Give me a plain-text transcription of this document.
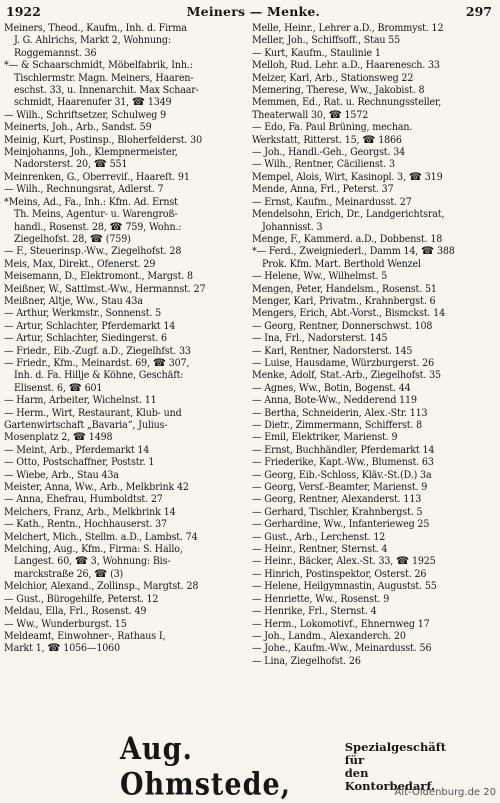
1922	Meiners — Menke.	297
Meiners, Theod., Kaufm., Inh. d. Firma
J. G. Ahlrichs, Markt 2, Wohnung:
Roggemannst. 36
*— & Schaarschmidt, Möbelfabrik, Inh.:
Tischlermstr. Magn. Meiners, Haaren-
eschst. 33, u. Innenarchit. Max Schaar-
schmidt, Haarenufer 31, ☎ 1349
— Wilh., Schriftsetzer, Schulweg 9
Meinerts, Joh., Arb., Sandst. 59
Meinig, Kurt, Postinsp., Bloherfelderst. 30
Meinjohanns, Joh., Klempnermeister,
Nadorsterst. 20, ☎ 551
Meinrenken, G., Oberreviſ., Haareſt. 91
— Wilh., Rechnungsrat, Adlerst. 7
*Meins, Ad., Fa., Inh.: Kfm. Ad. Ernst
Th. Meins, Agentur- u. Warengroß-
handl., Rosenst. 28, ☎ 759, Wohn.:
Ziegelhofst. 28, ☎ (759)
— F., Steuerinsp.-Ww., Ziegelhofst. 28
Meis, Max, Direkt., Ofenerst. 29
Meisemann, D., Elektromont., Margst. 8
Meißner, W., Sattlmst.-Ww., Hermannst. 27
Meißner, Altje, Ww., Stau 43a
— Arthur, Werkmstr., Sonnenst. 5
— Artur, Schlachter, Pferdemarkt 14
— Artur, Schlachter, Siedingerst. 6
— Friedr., Eib.-Zugf. a.D., Ziegelhfst. 33
— Friedr., Kfm., Meinardst. 69, ☎ 307,
Inh. d. Fa. Hillje & Köhne, Geschäft:
Elisenst. 6, ☎ 601
— Harm, Arbeiter, Wichelnst. 11
— Herm., Wirt, Restaurant, Klub- und
Gartenwirtschaft „Bavaria“, Julius-
Mosenplatz 2, ☎ 1498
— Meint, Arb., Pferdemarkt 14
— Otto, Postschaffner, Poststr. 1
— Wiebe, Arb., Stau 43a
Meister, Anna, Ww., Arb., Melkbrink 42
— Anna, Ehefrau, Humboldtst. 27
Melchers, Franz, Arb., Melkbrink 14
— Kath., Rentn., Hochhauserst. 37
Melchert, Mich., Stellm. a.D., Lambst. 74
Melching, Aug., Kfm., Firma: S. Hallo,
Langest. 60, ☎ 3, Wohnung: Bis-
marckstraße 26, ☎ (3)
Melchior, Alexand., Zollinsp., Margtst. 28
— Gust., Bürogehilfe, Peterst. 12
Meldau, Ella, Frl., Rosenst. 49
— Ww., Wunderburgst. 15
Meldeamt, Einwohner-, Rathaus I,
Markt 1, ☎ 1056—1060
Melle, Heinr., Lehrer a.D., Brommyst. 12
Meller, Joh., Schiffsoff., Stau 55
— Kurt, Kaufm., Staulinie 1
Melloh, Rud. Lehr. a.D., Haarenesch. 33
Melzer, Karl, Arb., Stationsweg 22
Memering, Therese, Ww., Jakobist. 8
Memmen, Ed., Rat. u. Rechnungssteller,
Theaterwall 30, ☎ 1572
— Edo, Fa. Paul Brüning, mechan.
Werkstatt, Ritterst. 15, ☎ 1866
— Joh., Handl.-Geh., Georgst. 34
— Wilh., Rentner, Cäcilienst. 3
Mempel, Alois, Wirt, Kasinopl. 3, ☎ 319
Mende, Anna, Frl., Peterst. 37
— Ernst, Kaufm., Meinardusst. 27
Mendelsohn, Erich, Dr., Landgerichtsrat,
Johannisst. 3
Menge, F., Kammerd. a.D., Dobbenst. 18
*— Ferd., Zweigniederl., Damm 14, ☎ 388
Prok. Kfm. Mart. Berthold Wenzel
— Helene, Ww., Wilhelmst. 5
Mengen, Peter, Handelsm., Rosenst. 51
Menger, Karl, Privatm., Krahnbergst. 6
Mengers, Erich, Abt.-Vorst., Bismckst. 14
— Georg, Rentner, Donnerschwst. 108
— Ina, Frl., Nadorsterst. 145
— Karl, Rentner, Nadorsterst. 145
— Luise, Hausdame, Würzburgerst. 26
Menke, Adolf, Stat.-Arb., Ziegelhofst. 35
— Agnes, Ww., Botin, Bogenst. 44
— Anna, Bote-Ww., Nedderend 119
— Bertha, Schneiderin, Alex.-Str. 113
— Dietr., Zimmermann, Schifferst. 8
— Emil, Elektriker, Marienst. 9
— Ernst, Buchhändler, Pferdemarkt 14
— Friederike, Kapt.-Ww., Blumenst. 63
— Georg, Eib.-Schloss, Kläv.-St.(D.) 3a
— Georg, Versf.-Beamter, Marienst. 9
— Georg, Rentner, Alexanderst. 113
— Gerhard, Tischler, Krahnbergst. 5
— Gerhardine, Ww., Infanterieweg 25
— Gust., Arb., Lerchenst. 12
— Heinr., Rentner, Sternst. 4
— Heinr., Bäcker, Alex.-St. 33, ☎ 1925
— Hinrich, Postinspektor, Osterst. 26
— Helene, Heilgymnastin, Augustst. 55
— Henriette, Ww., Rosenst. 9
— Henrike, Frl., Sternst. 4
— Herm., Lokomotivf., Ehnernweg 17
— Joh., Landm., Alexanderch. 20
— Johe., Kaufm.-Ww., Meinardusst. 56
— Lina, Ziegelhofst. 26
Aug. Ohmstede,
Spezialgeschäft für
den Kontorbedarf.
Alt-Oldenburg.de 20
